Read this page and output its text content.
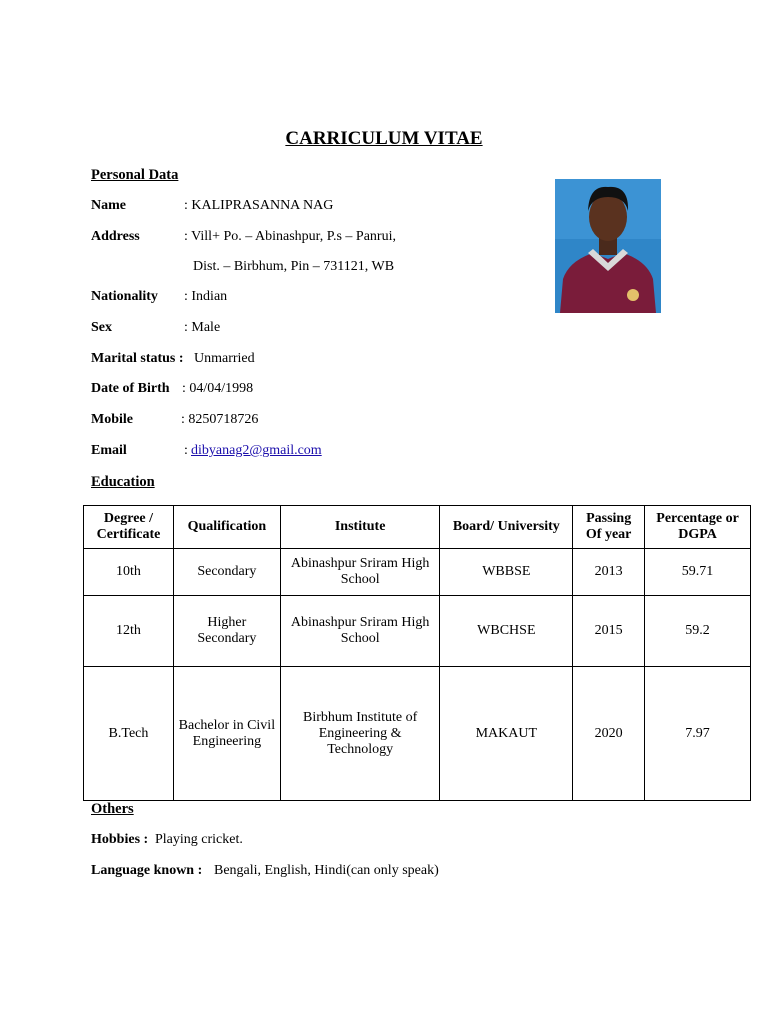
CARRICULUM VITAE
Personal Data
Name	: KALIPRASANNA NAG
Address	: Vill+ Po. – Abinashpur, P.s – Panrui,
Dist. – Birbhum, Pin – 731121, WB
Nationality : Indian
Sex	: Male
Marital status : Unmarried
Date of Birth : 04/04/1998
Mobile	: 8250718726
Email	: dibyanag2@gmail.com
Education
Degree / Certificate	Qualification	Institute	Board/ University	Passing Of year	Percentage or DGPA
10th	Secondary	Abinashpur Sriram High School	WBBSE	2013	59.71
12th	Higher Secondary	Abinashpur Sriram High School	WBCHSE	2015	59.2
B.Tech	Bachelor in Civil Engineering	Birbhum Institute of Engineering & Technology	MAKAUT	2020	7.97
Others
Hobbies : Playing cricket.
Language known : Bengali, English, Hindi(can only speak)
